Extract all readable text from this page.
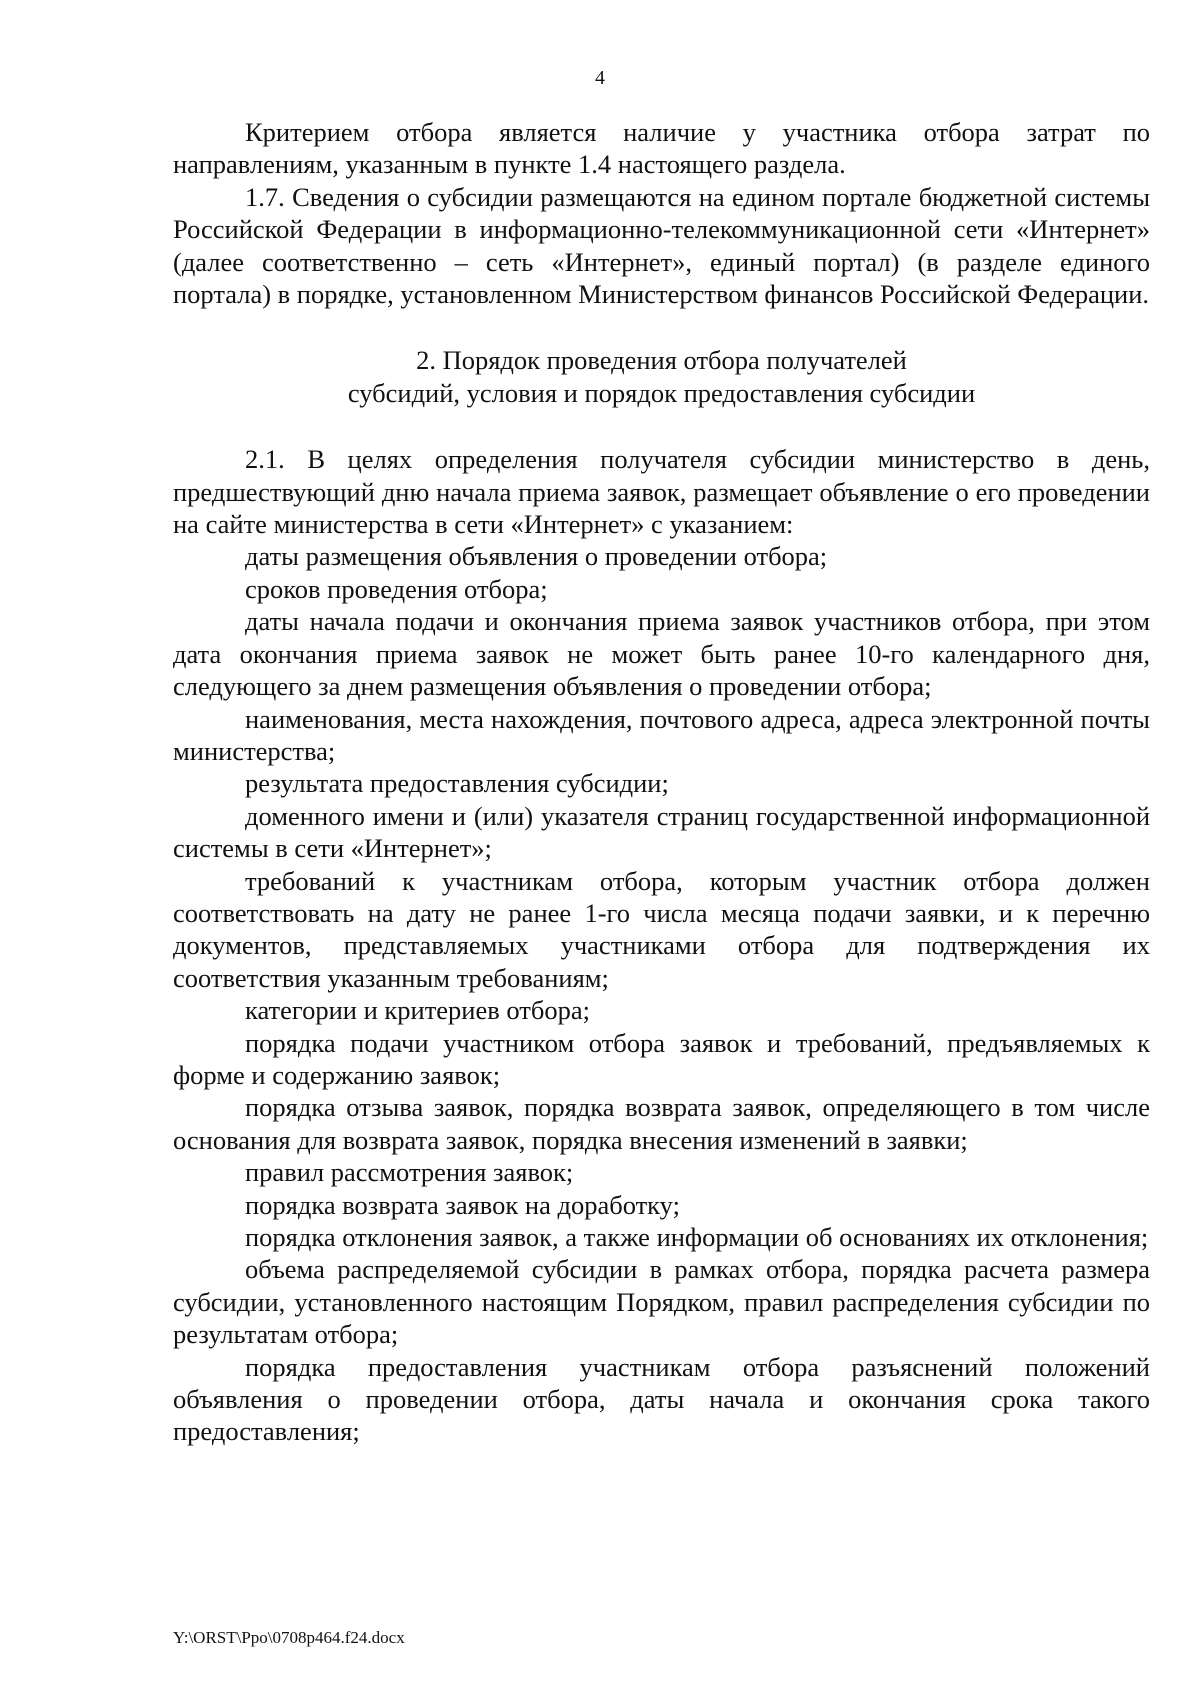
4

Критерием отбора является наличие у участника отбора затрат по направлениям, указанным в пункте 1.4 настоящего раздела.

1.7. Сведения о субсидии размещаются на едином портале бюджетной системы Российской Федерации в информационно-телекоммуникационной сети «Интернет» (далее соответственно – сеть «Интернет», единый портал) (в разделе единого портала) в порядке, установленном Министерством финансов Российской Федерации.

2. Порядок проведения отбора получателей
субсидий, условия и порядок предоставления субсидии

2.1. В целях определения получателя субсидии министерство в день, предшествующий дню начала приема заявок, размещает объявление о его проведении на сайте министерства в сети «Интернет» с указанием:

даты размещения объявления о проведении отбора;

сроков проведения отбора;

даты начала подачи и окончания приема заявок участников отбора, при этом дата окончания приема заявок не может быть ранее 10-го календарного дня, следующего за днем размещения объявления о проведении отбора;

наименования, места нахождения, почтового адреса, адреса электронной почты министерства;

результата предоставления субсидии;

доменного имени и (или) указателя страниц государственной информационной системы в сети «Интернет»;

требований к участникам отбора, которым участник отбора должен соответствовать на дату не ранее 1-го числа месяца подачи заявки, и к перечню документов, представляемых участниками отбора для подтверждения их соответствия указанным требованиям;

категории и критериев отбора;

порядка подачи участником отбора заявок и требований, предъявляемых к форме и содержанию заявок;

порядка отзыва заявок, порядка возврата заявок, определяющего в том числе основания для возврата заявок, порядка внесения изменений в заявки;

правил рассмотрения заявок;

порядка возврата заявок на доработку;

порядка отклонения заявок, а также информации об основаниях их отклонения;

объема распределяемой субсидии в рамках отбора, порядка расчета размера субсидии, установленного настоящим Порядком, правил распределения субсидии по результатам отбора;

порядка предоставления участникам отбора разъяснений положений объявления о проведении отбора, даты начала и окончания срока такого предоставления;

Y:\ORST\Ppo\0708p464.f24.docx
